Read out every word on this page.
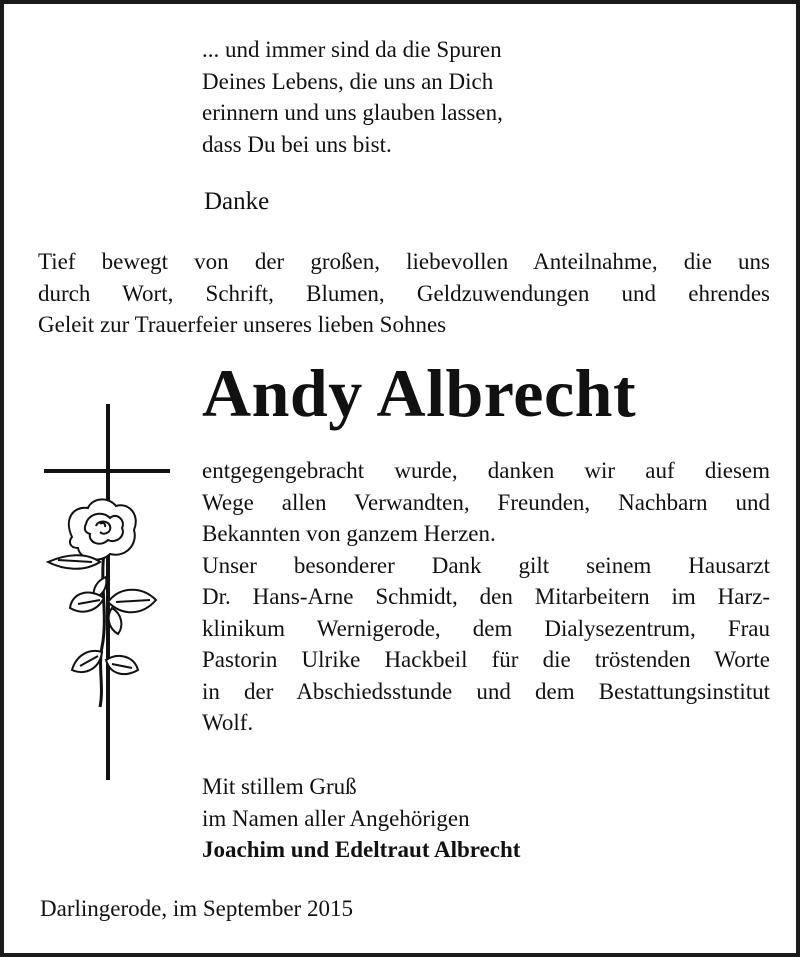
... und immer sind da die Spuren
Deines Lebens, die uns an Dich
erinnern und uns glauben lassen,
dass Du bei uns bist.
Danke
Tief bewegt von der großen, liebevollen Anteilnahme, die uns
durch Wort, Schrift, Blumen, Geldzuwendungen und ehrendes
Geleit zur Trauerfeier unseres lieben Sohnes
Andy Albrecht
entgegengebracht wurde, danken wir auf diesem
Wege allen Verwandten, Freunden, Nachbarn und
Bekannten von ganzem Herzen.
Unser besonderer Dank gilt seinem Hausarzt
Dr. Hans-Arne Schmidt, den Mitarbeitern im Harz-
klinikum Wernigerode, dem Dialysezentrum, Frau
Pastorin Ulrike Hackbeil für die tröstenden Worte
in der Abschiedsstunde und dem Bestattungsinstitut
Wolf.
Mit stillem Gruß
im Namen aller Angehörigen
Joachim und Edeltraut Albrecht
Darlingerode, im September 2015
